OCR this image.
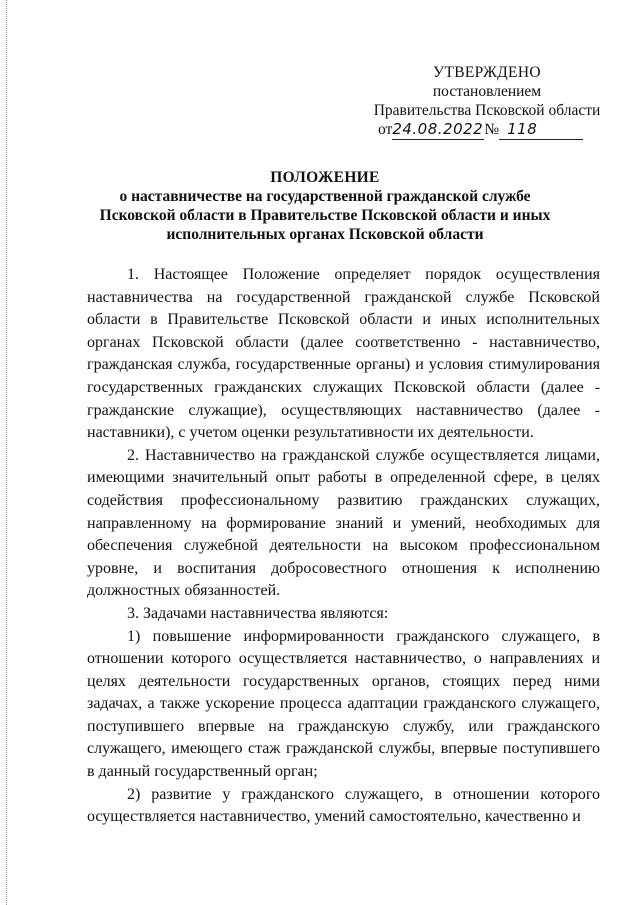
УТВЕРЖДЕНО
постановлением
Правительства Псковской области
от24.08.2022№ 118
ПОЛОЖЕНИЕ
о наставничестве на государственной гражданской службе Псковской области в Правительстве Псковской области и иных исполнительных органах Псковской области

1. Настоящее Положение определяет порядок осуществления наставничества на государственной гражданской службе Псковской области в Правительстве Псковской области и иных исполнительных органах Псковской области (далее соответственно - наставничество, гражданская служба, государственные органы) и условия стимулирования государственных гражданских служащих Псковской области (далее - гражданские служащие), осуществляющих наставничество (далее - наставники), с учетом оценки результативности их деятельности.

2. Наставничество на гражданской службе осуществляется лицами, имеющими значительный опыт работы в определенной сфере, в целях содействия профессиональному развитию гражданских служащих, направленному на формирование знаний и умений, необходимых для обеспечения служебной деятельности на высоком профессиональном уровне, и воспитания добросовестного отношения к исполнению должностных обязанностей.

3. Задачами наставничества являются:

1) повышение информированности гражданского служащего, в отношении которого осуществляется наставничество, о направлениях и целях деятельности государственных органов, стоящих перед ними задачах, а также ускорение процесса адаптации гражданского служащего, поступившего впервые на гражданскую службу, или гражданского служащего, имеющего стаж гражданской службы, впервые поступившего в данный государственный орган;

2) развитие у гражданского служащего, в отношении которого осуществляется наставничество, умений самостоятельно, качественно и
